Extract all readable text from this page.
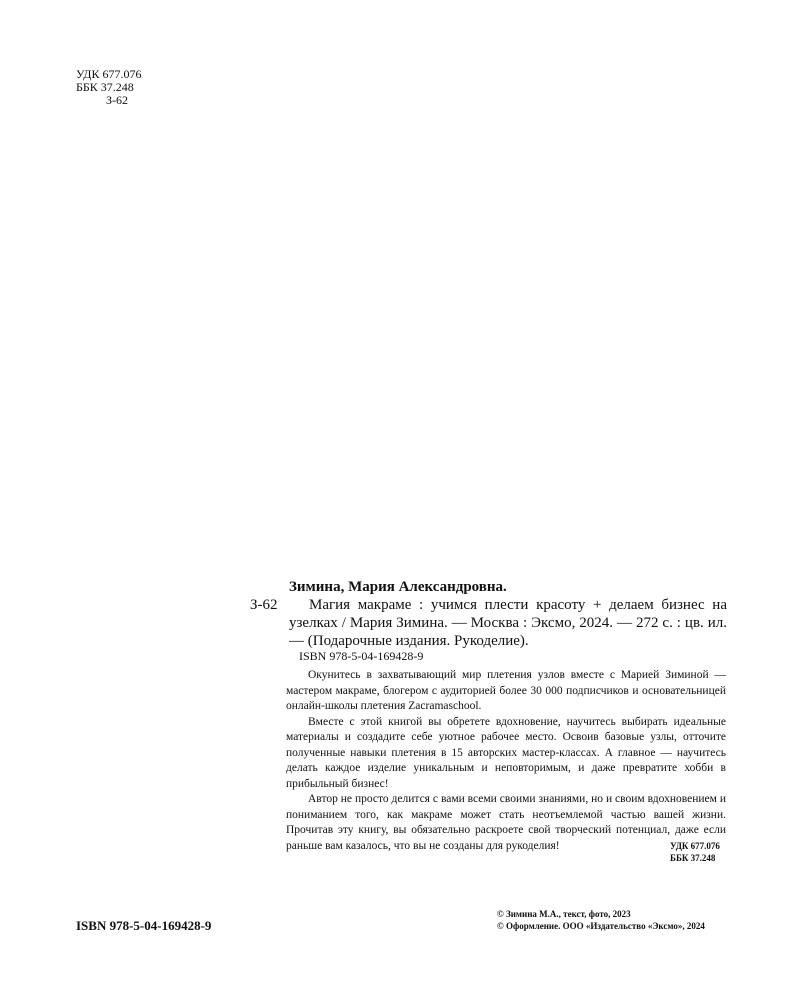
УДК 677.076
ББК 37.248
З-62
Зимина, Мария Александровна.
З-62	Магия макраме : учимся плести красоту + делаем бизнес на узелках / Мария Зимина. — Москва : Эксмо, 2024. — 272 с. : цв. ил. — (Подарочные издания. Рукоделие).
ISBN 978-5-04-169428-9

Окунитесь в захватывающий мир плетения узлов вместе с Марией Зиминой — мастером макраме, блогером с аудиторией более 30 000 подписчиков и основательницей онлайн-школы плетения Zacramaschool.

Вместе с этой книгой вы обретете вдохновение, научитесь выбирать идеальные материалы и создадите себе уютное рабочее место. Освоив базовые узлы, отточите полученные навыки плетения в 15 авторских мастер-классах. А главное — научитесь делать каждое изделие уникальным и неповторимым, и даже превратите хобби в прибыльный бизнес!

Автор не просто делится с вами всеми своими знаниями, но и своим вдохновением и пониманием того, как макраме может стать неотъемлемой частью вашей жизни. Прочитав эту книгу, вы обязательно раскроете свой творческий потенциал, даже если раньше вам казалось, что вы не созданы для рукоделия!	УДК 677.076
ББК 37.248
ISBN 978-5-04-169428-9
© Зимина М.А., текст, фото, 2023
© Оформление. ООО «Издательство «Эксмо», 2024
